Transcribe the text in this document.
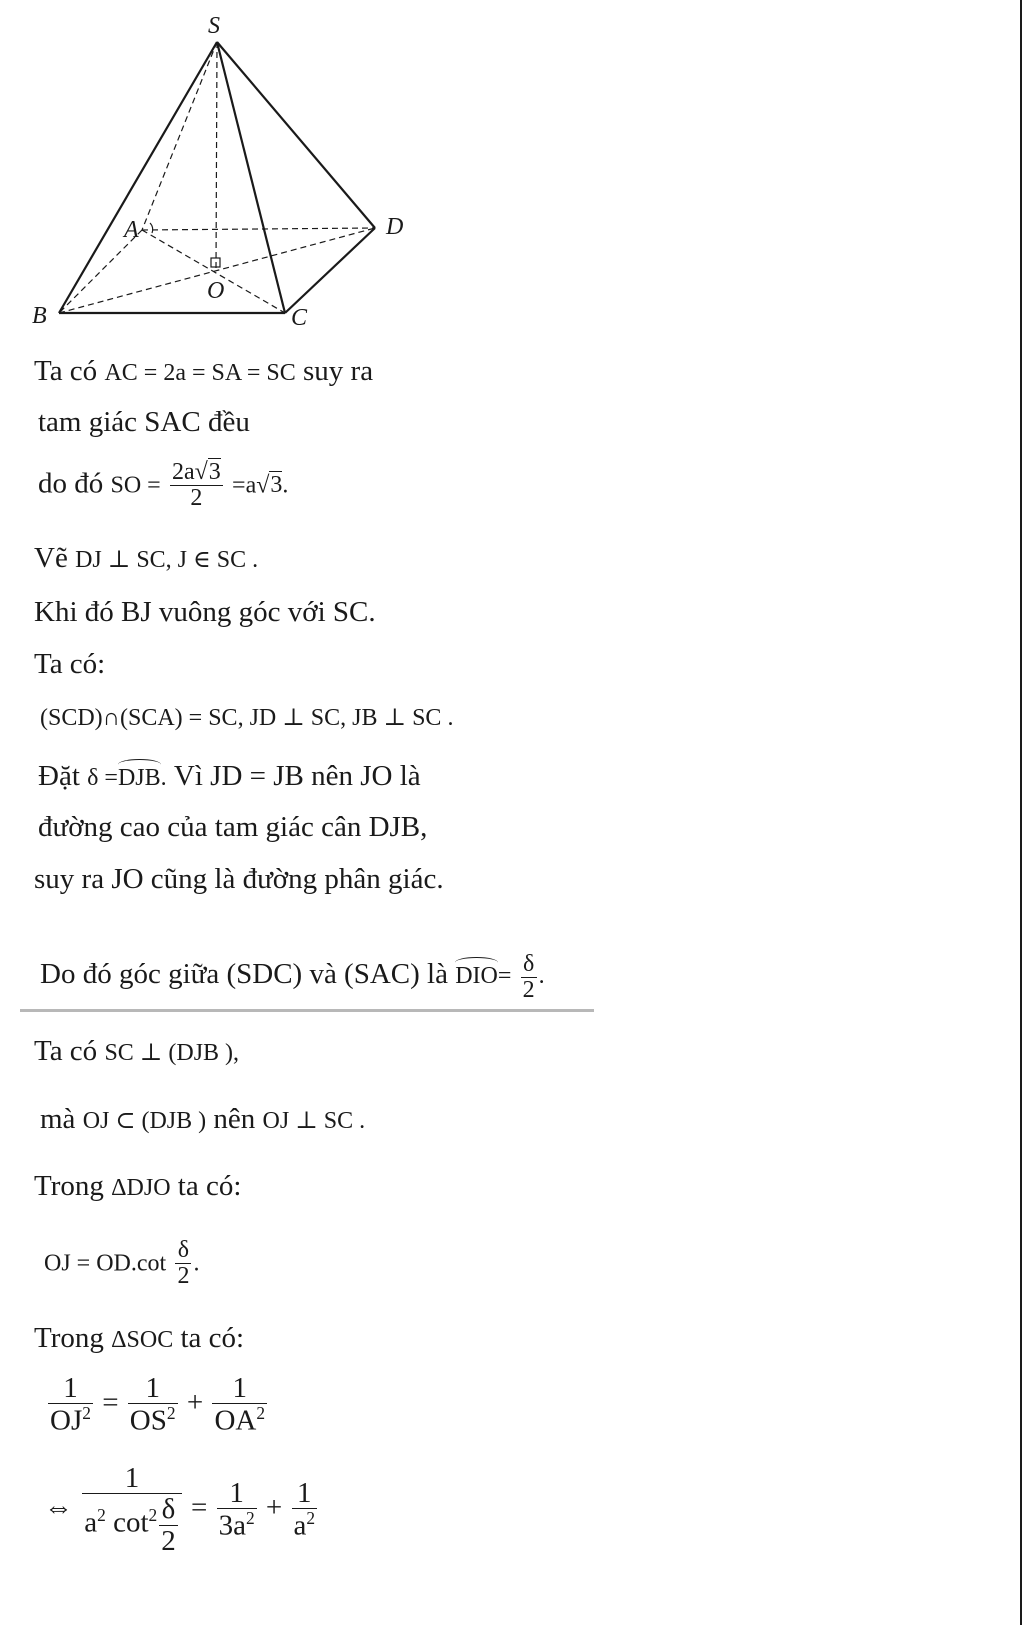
S
A
B	C
D
O
Ta có AC = 2a = SA = SC suy ra
tam giác SAC đều
do đó SO = $\frac{2a√3}{2} =a√3$.
Vẽ DJ ⊥ SC, J ∈ SC .
Khi đó BJ vuông góc với SC.
Ta có:
(SCD)∩(SCA) = SC, JD ⊥ SC, JB ⊥ SC .
Đặt δ =DJB. Vì JD = JB nên JO là
đường cao của tam giác cân DJB,
suy ra JO cũng là đường phân giác.
Do đó góc giữa (SDC) và (SAC) là $DIO= \frac{\delta}{2}$ .
Ta có SC ⊥ (DJB ),
mà OJ ⊂ (DJB ) nên OJ ⊥ SC .
Trong ΔDJO ta có:
OJ = $OD.\cot \frac{\delta}{2}$ .
Trong ΔSOC ta có:
$\frac{1}{OJ^2} = \frac{1}{OS^2} + \frac{1}{OA^2}$
⇔ $\frac{1}{a^2 \cot^2 \frac{\delta}{2}} = \frac{1}{3a^2} + \frac{1}{a^2}$
